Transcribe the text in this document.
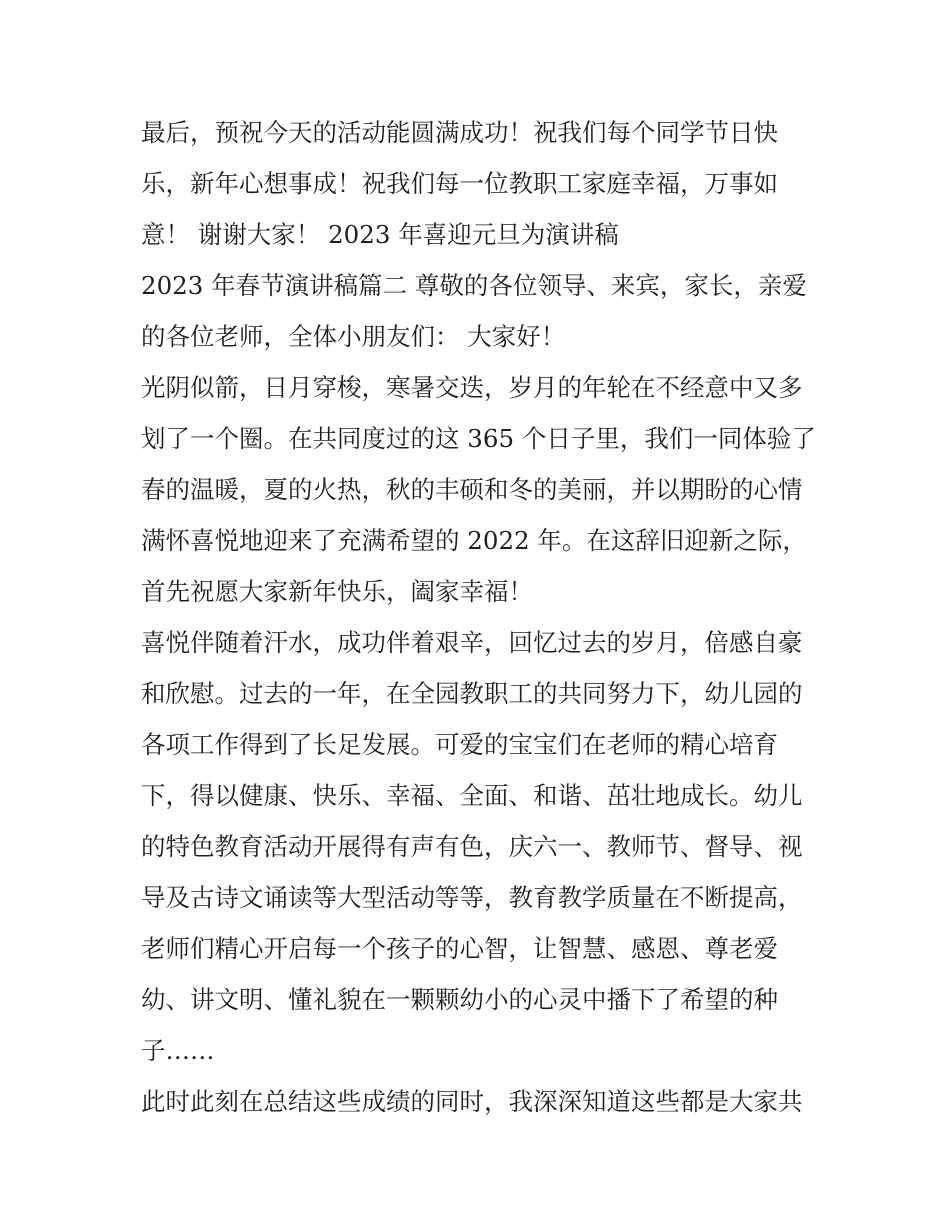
最后，预祝今天的活动能圆满成功！祝我们每个同学节日快
乐，新年心想事成！祝我们每一位教职工家庭幸福，万事如
意！ 谢谢大家！ 2023 年喜迎元旦为演讲稿
2023 年春节演讲稿篇二 尊敬的各位领导、来宾，家长，亲爱
的各位老师，全体小朋友们： 大家好！
光阴似箭，日月穿梭，寒暑交迭，岁月的年轮在不经意中又多
划了一个圈。在共同度过的这 365 个日子里，我们一同体验了
春的温暖，夏的火热，秋的丰硕和冬的美丽，并以期盼的心情
满怀喜悦地迎来了充满希望的 2022 年。在这辞旧迎新之际，
首先祝愿大家新年快乐，阖家幸福！
喜悦伴随着汗水，成功伴着艰辛，回忆过去的岁月，倍感自豪
和欣慰。过去的一年，在全园教职工的共同努力下，幼儿园的
各项工作得到了长足发展。可爱的宝宝们在老师的精心培育
下，得以健康、快乐、幸福、全面、和谐、茁壮地成长。幼儿
的特色教育活动开展得有声有色，庆六一、教师节、督导、视
导及古诗文诵读等大型活动等等，教育教学质量在不断提高，
老师们精心开启每一个孩子的心智，让智慧、感恩、尊老爱
幼、讲文明、懂礼貌在一颗颗幼小的心灵中播下了希望的种
子……
此时此刻在总结这些成绩的同时，我深深知道这些都是大家共
